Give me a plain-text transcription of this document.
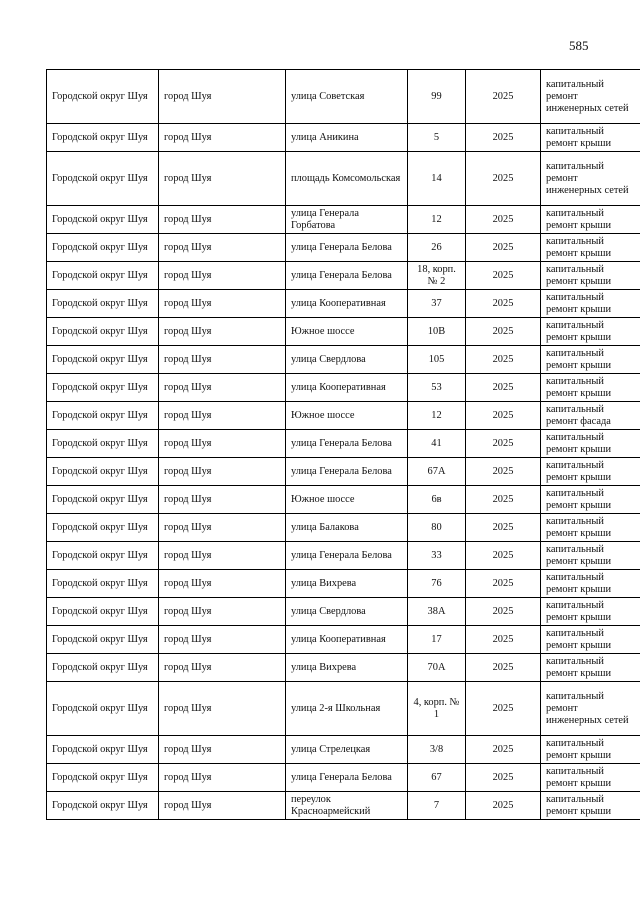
585
Городской округ Шуя	город Шуя	улица Советская	99	2025	капитальный ремонт инженерных сетей
Городской округ Шуя	город Шуя	улица Аникина	5	2025	капитальный ремонт крыши
Городской округ Шуя	город Шуя	площадь Комсомольская	14	2025	капитальный ремонт инженерных сетей
Городской округ Шуя	город Шуя	улица Генерала Горбатова	12	2025	капитальный ремонт крыши
Городской округ Шуя	город Шуя	улица Генерала Белова	26	2025	капитальный ремонт крыши
Городской округ Шуя	город Шуя	улица Генерала Белова	18, корп. № 2	2025	капитальный ремонт крыши
Городской округ Шуя	город Шуя	улица Кооперативная	37	2025	капитальный ремонт крыши
Городской округ Шуя	город Шуя	Южное шоссе	10В	2025	капитальный ремонт крыши
Городской округ Шуя	город Шуя	улица Свердлова	105	2025	капитальный ремонт крыши
Городской округ Шуя	город Шуя	улица Кооперативная	53	2025	капитальный ремонт крыши
Городской округ Шуя	город Шуя	Южное шоссе	12	2025	капитальный ремонт фасада
Городской округ Шуя	город Шуя	улица Генерала Белова	41	2025	капитальный ремонт крыши
Городской округ Шуя	город Шуя	улица Генерала Белова	67А	2025	капитальный ремонт крыши
Городской округ Шуя	город Шуя	Южное шоссе	6в	2025	капитальный ремонт крыши
Городской округ Шуя	город Шуя	улица Балакова	80	2025	капитальный ремонт крыши
Городской округ Шуя	город Шуя	улица Генерала Белова	33	2025	капитальный ремонт крыши
Городской округ Шуя	город Шуя	улица Вихрева	76	2025	капитальный ремонт крыши
Городской округ Шуя	город Шуя	улица Свердлова	38А	2025	капитальный ремонт крыши
Городской округ Шуя	город Шуя	улица Кооперативная	17	2025	капитальный ремонт крыши
Городской округ Шуя	город Шуя	улица Вихрева	70А	2025	капитальный ремонт крыши
Городской округ Шуя	город Шуя	улица 2-я Школьная	4, корп. № 1	2025	капитальный ремонт инженерных сетей
Городской округ Шуя	город Шуя	улица Стрелецкая	3/8	2025	капитальный ремонт крыши
Городской округ Шуя	город Шуя	улица Генерала Белова	67	2025	капитальный ремонт крыши
Городской округ Шуя	город Шуя	переулок Красноармейский	7	2025	капитальный ремонт крыши
